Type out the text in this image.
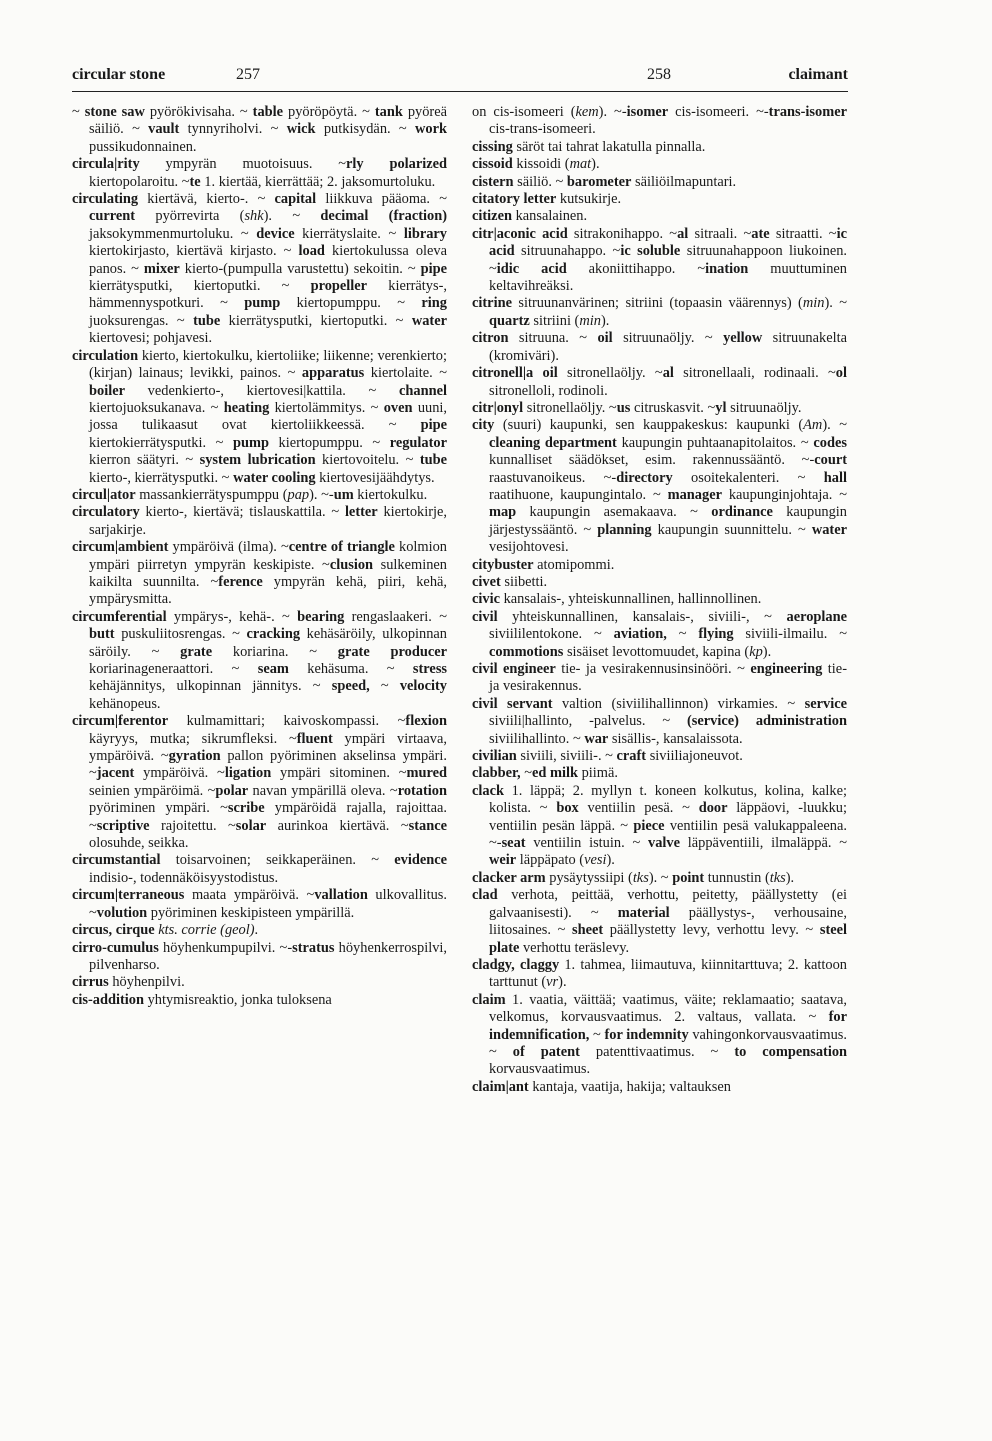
circular stone	257	258	claimant

~ stone saw pyörökivisaha. ~ table pyöröpöytä. ~ tank pyöreä säiliö. ~ vault tynnyriholvi. ~ wick putkisydän. ~ work pussikudonnainen.

circula|rity ympyrän muotoisuus. ~rly polarized kiertopolaroitu. ~te 1. kiertää, kierrättää; 2. jaksomurtoluku.

circulating kiertävä, kierto-. ~ capital liikkuva pääoma. ~ current pyörrevirta (shk). ~ decimal (fraction) jaksokymmenmurtoluku. ~ device kierrätyslaite. ~ library kiertokirjasto, kiertävä kirjasto. ~ load kiertokulussa oleva panos. ~ mixer kierto-(pumpulla varustettu) sekoitin. ~ pipe kierrätysputki, kiertoputki. ~ propeller kierrätys-, hämmennyspotkuri. ~ pump kiertopumppu. ~ ring juoksurengas. ~ tube kierrätysputki, kiertoputki. ~ water kiertovesi; pohjavesi.

circulation kierto, kiertokulku, kiertoliike; liikenne; verenkierto; (kirjan) lainaus; levikki, painos. ~ apparatus kiertolaite. ~ boiler vedenkierto-, kiertovesi|kattila. ~ channel kiertojuoksukanava. ~ heating kiertolämmitys. ~ oven uuni, jossa tulikaasut ovat kiertoliikkeessä. ~ pipe kiertokierrätysputki. ~ pump kiertopumppu. ~ regulator kierron säätyri. ~ system lubrication kiertovoitelu. ~ tube kierto-, kierrätysputki. ~ water cooling kiertovesijäähdytys.

circul|ator massankierrätyspumppu (pap). ~-um kiertokulku.

circulatory kierto-, kiertävä; tislauskattila. ~ letter kiertokirje, sarjakirje.

circum|ambient ympäröivä (ilma). ~centre of triangle kolmion ympäri piirretyn ympyrän keskipiste. ~clusion sulkeminen kaikilta suunnilta. ~ference ympyrän kehä, piiri, kehä, ympärysmitta.

circumferential ympärys-, kehä-. ~ bearing rengaslaakeri. ~ butt puskuliitosrengas. ~ cracking kehäsäröily, ulkopinnan säröily. ~ grate koriarina. ~ grate producer koriarinageneraattori. ~ seam kehäsuma. ~ stress kehäjännitys, ulkopinnan jännitys. ~ speed, ~ velocity kehänopeus.

circum|ferentor kulmamittari; kaivoskompassi. ~flexion käyryys, mutka; sikrumfleksi. ~fluent ympäri virtaava, ympäröivä. ~gyration pallon pyöriminen akselinsa ympäri. ~jacent ympäröivä. ~ligation ympäri sitominen. ~mured seinien ympäröimä. ~polar navan ympärillä oleva. ~rotation pyöriminen ympäri. ~scribe ympäröidä rajalla, rajoittaa. ~scriptive rajoitettu. ~solar aurinkoa kiertävä. ~stance olosuhde, seikka.

circumstantial toisarvoinen; seikkaperäinen. ~ evidence indisio-, todennäköisyystodistus.

circum|terraneous maata ympäröivä. ~vallation ulkovallitus. ~volution pyöriminen keskipisteen ympärillä.

circus, cirque kts. corrie (geol).

cirro-cumulus höyhenkumpupilvi. ~-stratus höyhenkerrospilvi, pilvenharso.

cirrus höyhenpilvi.

cis-addition yhtymisreaktio, jonka tuloksena

on cis-isomeeri (kem). ~-isomer cis-isomeeri. ~-trans-isomer cis-trans-isomeeri.

cissing säröt tai tahrat lakatulla pinnalla.

cissoid kissoidi (mat).

cistern säiliö. ~ barometer säiliöilmapuntari.

citatory letter kutsukirje.

citizen kansalainen.

citr|aconic acid sitrakonihappo. ~al sitraali. ~ate sitraatti. ~ic acid sitruunahappo. ~ic soluble sitruunahappoon liukoinen. ~idic acid akoniittihappo. ~ination muuttuminen keltavihreäksi.

citrine sitruunanvärinen; sitriini (topaasin väärennys) (min). ~ quartz sitriini (min).

citron sitruuna. ~ oil sitruunaöljy. ~ yellow sitruunakelta (kromiväri).

citronell|a oil sitronellaöljy. ~al sitronellaali, rodinaali. ~ol sitronelloli, rodinoli.

citr|onyl sitronellaöljy. ~us citruskasvit. ~yl sitruunaöljy.

city (suuri) kaupunki, sen kauppakeskus: kaupunki (Am). ~ cleaning department kaupungin puhtaanapitolaitos. ~ codes kunnalliset säädökset, esim. rakennussääntö. ~-court raastuvanoikeus. ~-directory osoitekalenteri. ~ hall raatihuone, kaupungintalo. ~ manager kaupunginjohtaja. ~ map kaupungin asemakaava. ~ ordinance kaupungin järjestyssääntö. ~ planning kaupungin suunnittelu. ~ water vesijohtovesi.

citybuster atomipommi.

civet siibetti.

civic kansalais-, yhteiskunnallinen, hallinnollinen.

civil yhteiskunnallinen, kansalais-, siviili-, ~ aeroplane siviililentokone. ~ aviation, ~ flying siviili-ilmailu. ~ commotions sisäiset levottomuudet, kapina (kp).

civil engineer tie- ja vesirakennusinsinööri. ~ engineering tie- ja vesirakennus.

civil servant valtion (siviilihallinnon) virkamies. ~ service siviili|hallinto, -palvelus. ~ (service) administration siviilihallinto. ~ war sisällis-, kansalaissota.

civilian siviili, siviili-. ~ craft siviiliajoneuvot.

clabber, ~ed milk piimä.

clack 1. läppä; 2. myllyn t. koneen kolkutus, kolina, kalke; kolista. ~ box ventiilin pesä. ~ door läppäovi, -luukku; ventiilin pesän läppä. ~ piece ventiilin pesä valukappaleena. ~-seat ventiilin istuin. ~ valve läppäventiili, ilmaläppä. ~ weir läppäpato (vesi).

clacker arm pysäytyssiipi (tks). ~ point tunnustin (tks).

clad verhota, peittää, verhottu, peitetty, päällystetty (ei galvaanisesti). ~ material päällystys-, verhousaine, liitosaines. ~ sheet päällystetty levy, verhottu levy. ~ steel plate verhottu teräslevy.

cladgy, claggy 1. tahmea, liimautuva, kiinnitarttuva; 2. kattoon tarttunut (vr).

claim 1. vaatia, väittää; vaatimus, väite; reklamaatio; saatava, velkomus, korvausvaatimus. 2. valtaus, vallata. ~ for indemnification, ~ for indemnity vahingonkorvausvaatimus. ~ of patent patenttivaatimus. ~ to compensation korvausvaatimus.

claim|ant kantaja, vaatija, hakija; valtauksen
